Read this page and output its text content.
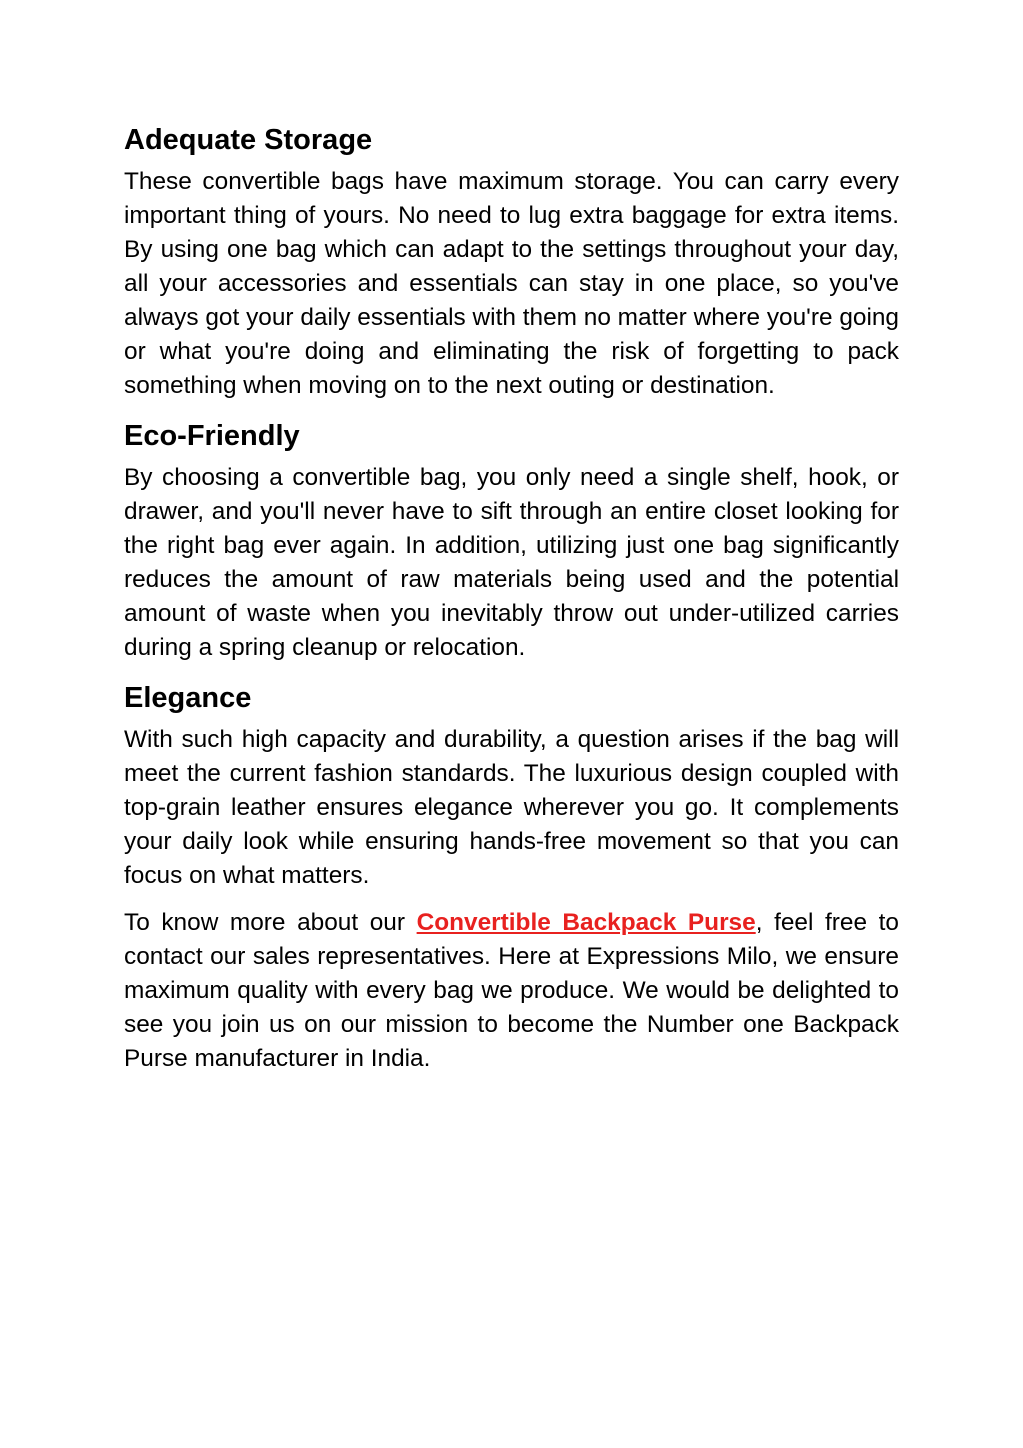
Adequate Storage

These convertible bags have maximum storage. You can carry every important thing of yours. No need to lug extra baggage for extra items. By using one bag which can adapt to the settings throughout your day, all your accessories and essentials can stay in one place, so you've always got your daily essentials with them no matter where you're going or what you're doing and eliminating the risk of forgetting to pack something when moving on to the next outing or destination.

Eco-Friendly

By choosing a convertible bag, you only need a single shelf, hook, or drawer, and you'll never have to sift through an entire closet looking for the right bag ever again. In addition, utilizing just one bag significantly reduces the amount of raw materials being used and the potential amount of waste when you inevitably throw out under-utilized carries during a spring cleanup or relocation.

Elegance

With such high capacity and durability, a question arises if the bag will meet the current fashion standards. The luxurious design coupled with top-grain leather ensures elegance wherever you go. It complements your daily look while ensuring hands-free movement so that you can focus on what matters.

To know more about our Convertible Backpack Purse, feel free to contact our sales representatives. Here at Expressions Milo, we ensure maximum quality with every bag we produce. We would be delighted to see you join us on our mission to become the Number one Backpack Purse manufacturer in India.
